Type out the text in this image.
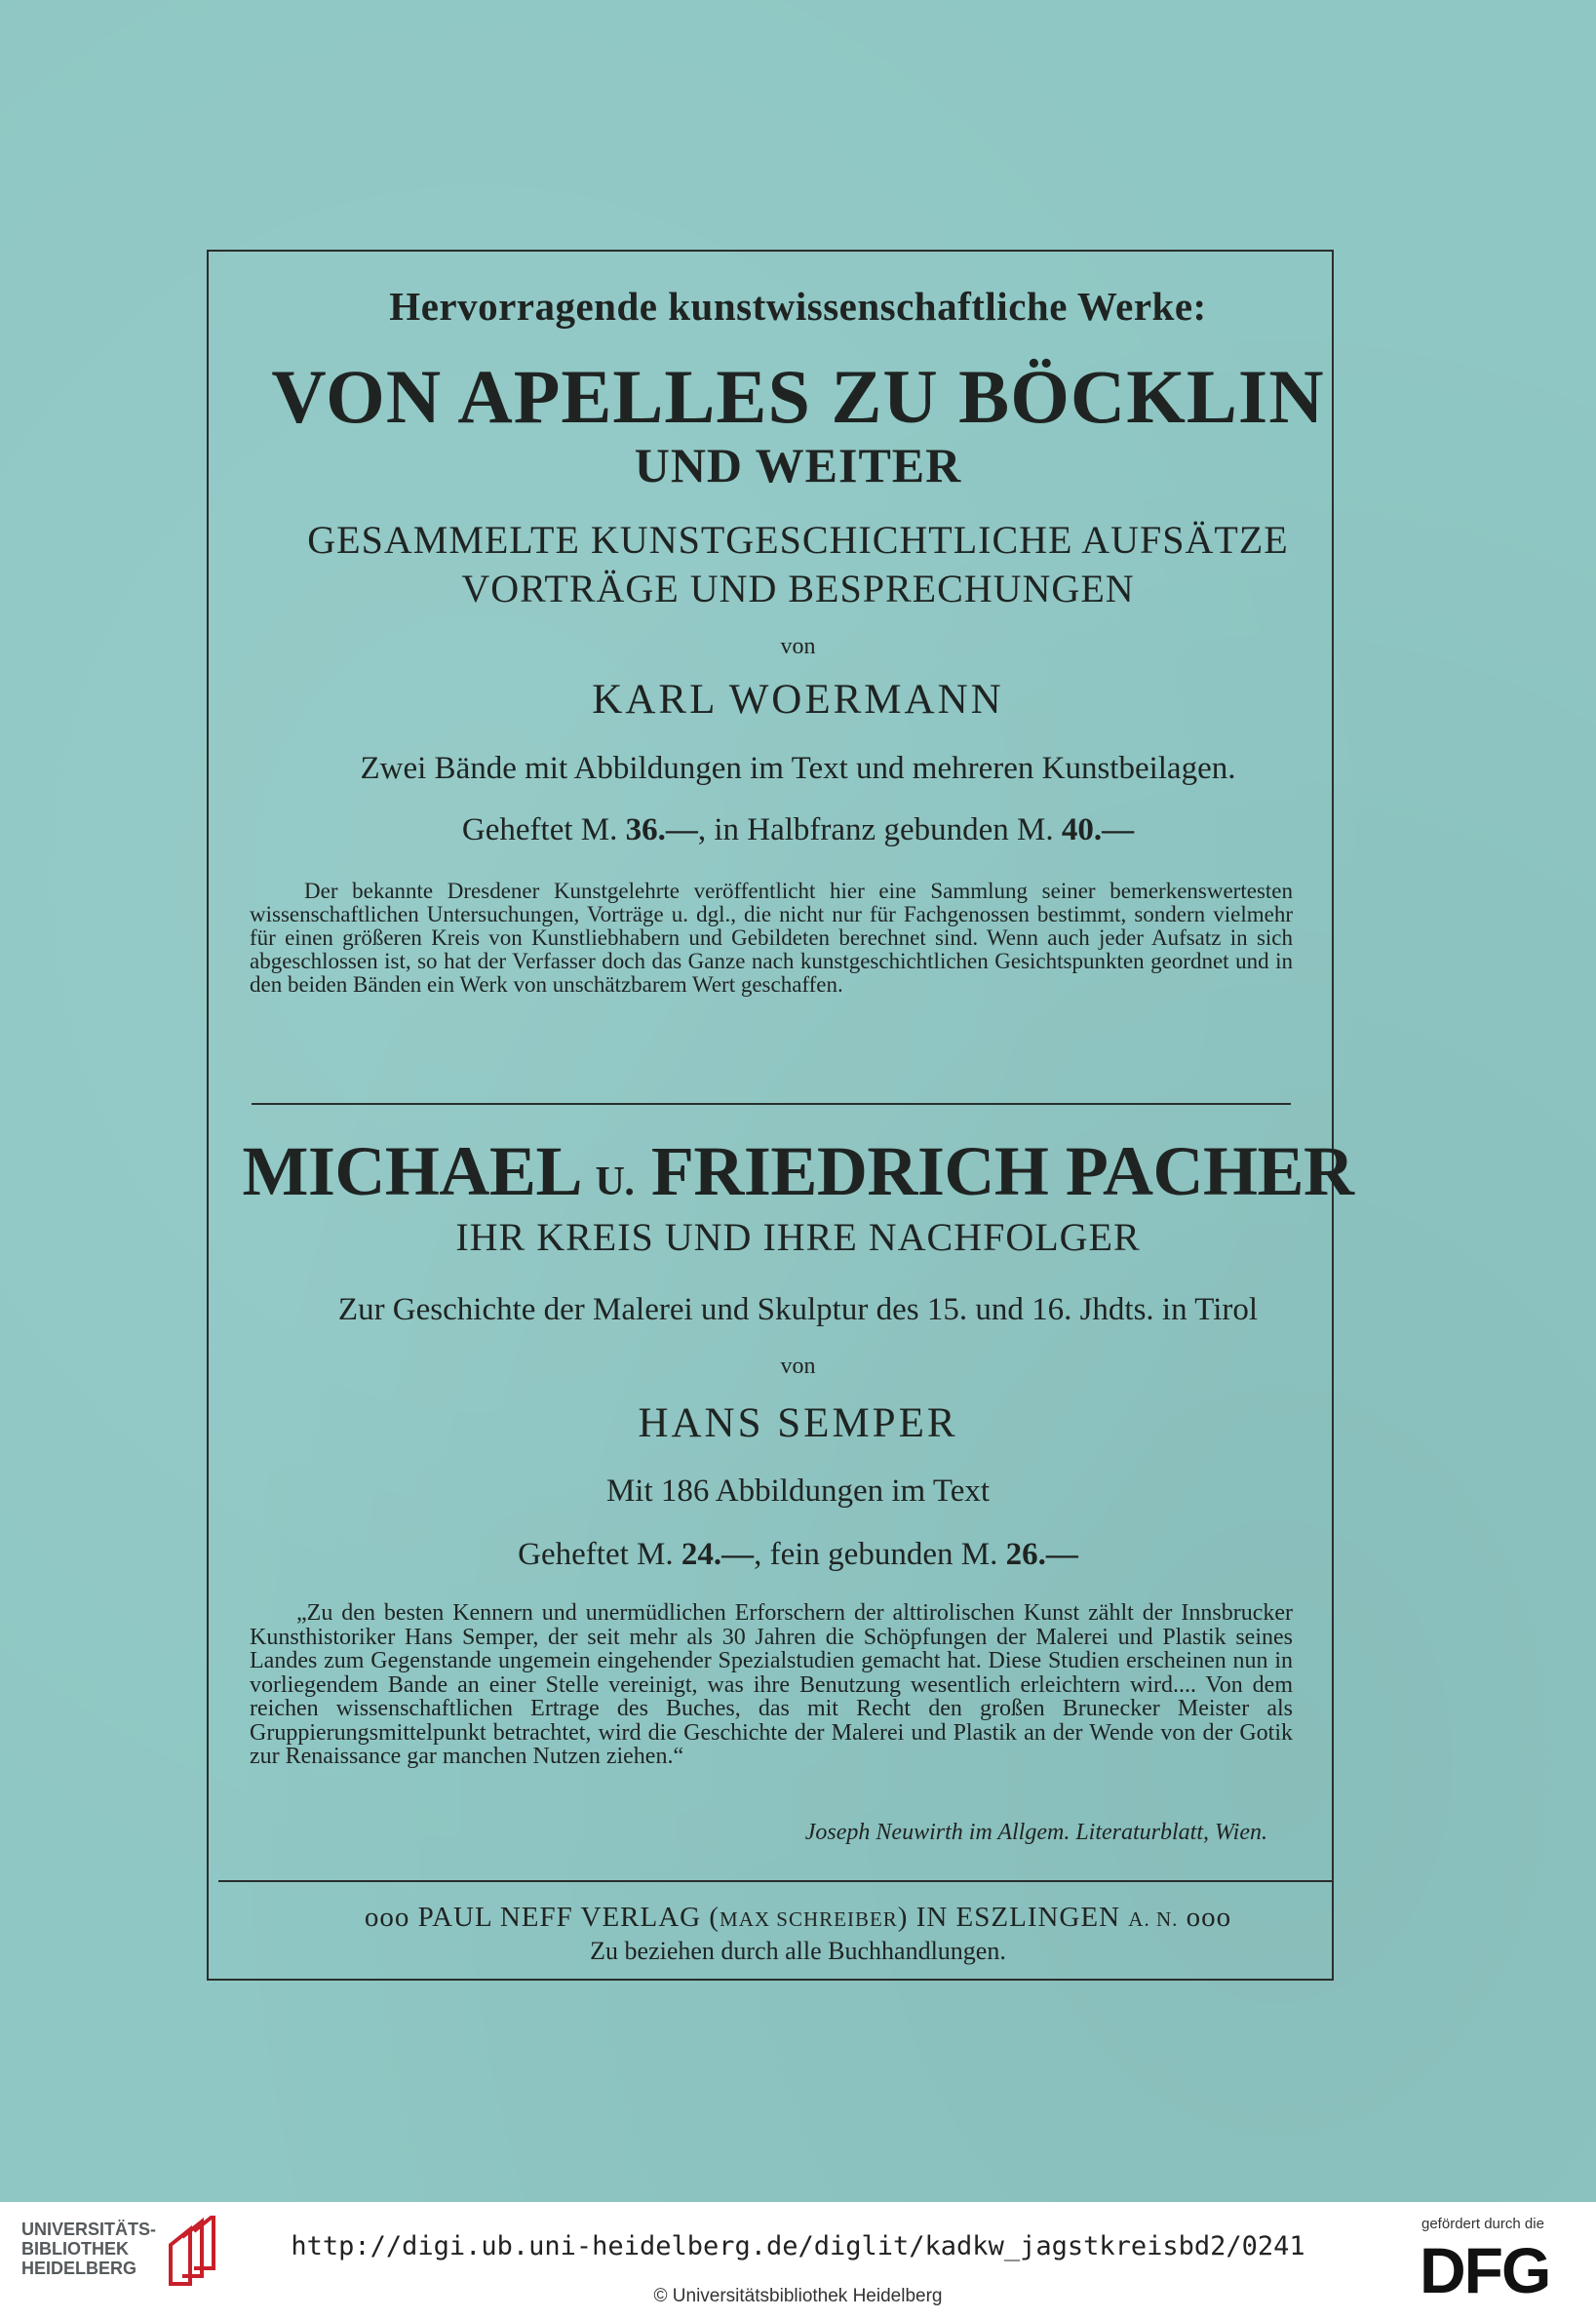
Hervorragende kunstwissenschaftliche Werke:
VON APELLES ZU BÖCKLIN
UND WEITER
GESAMMELTE KUNSTGESCHICHTLICHE AUFSÄTZE
VORTRÄGE UND BESPRECHUNGEN
von
KARL WOERMANN
Zwei Bände mit Abbildungen im Text und mehreren Kunstbeilagen.
Geheftet M. 36.—, in Halbfranz gebunden M. 40.—
Der bekannte Dresdener Kunstgelehrte veröffentlicht hier eine Sammlung seiner bemerkenswertesten wissenschaftlichen Untersuchungen, Vorträge u. dgl., die nicht nur für Fachgenossen bestimmt, sondern vielmehr für einen größeren Kreis von Kunstliebhabern und Gebildeten berechnet sind. Wenn auch jeder Aufsatz in sich abgeschlossen ist, so hat der Verfasser doch das Ganze nach kunstgeschichtlichen Gesichtspunkten geordnet und in den beiden Bänden ein Werk von unschätzbarem Wert geschaffen.
MICHAEL U. FRIEDRICH PACHER
IHR KREIS UND IHRE NACHFOLGER
Zur Geschichte der Malerei und Skulptur des 15. und 16. Jhdts. in Tirol
von
HANS SEMPER
Mit 186 Abbildungen im Text
Geheftet M. 24.—, fein gebunden M. 26.—
„Zu den besten Kennern und unermüdlichen Erforschern der alttirolischen Kunst zählt der Innsbrucker Kunsthistoriker Hans Semper, der seit mehr als 30 Jahren die Schöpfungen der Malerei und Plastik seines Landes zum Gegenstande ungemein eingehender Spezialstudien gemacht hat. Diese Studien erscheinen nun in vorliegendem Bande an einer Stelle vereinigt, was ihre Benutzung wesentlich erleichtern wird.... Von dem reichen wissenschaftlichen Ertrage des Buches, das mit Recht den großen Brunecker Meister als Gruppierungsmittelpunkt betrachtet, wird die Geschichte der Malerei und Plastik an der Wende von der Gotik zur Renaissance gar manchen Nutzen ziehen.“
Joseph Neuwirth im Allgem. Literaturblatt, Wien.
ooo PAUL NEFF VERLAG (MAX SCHREIBER) IN ESZLINGEN A. N. ooo
Zu beziehen durch alle Buchhandlungen.
UNIVERSITÄTS-
BIBLIOTHEK
HEIDELBERG
http://digi.ub.uni-heidelberg.de/diglit/kadkw_jagstkreisbd2/0241
© Universitätsbibliothek Heidelberg
gefördert durch die
DFG
